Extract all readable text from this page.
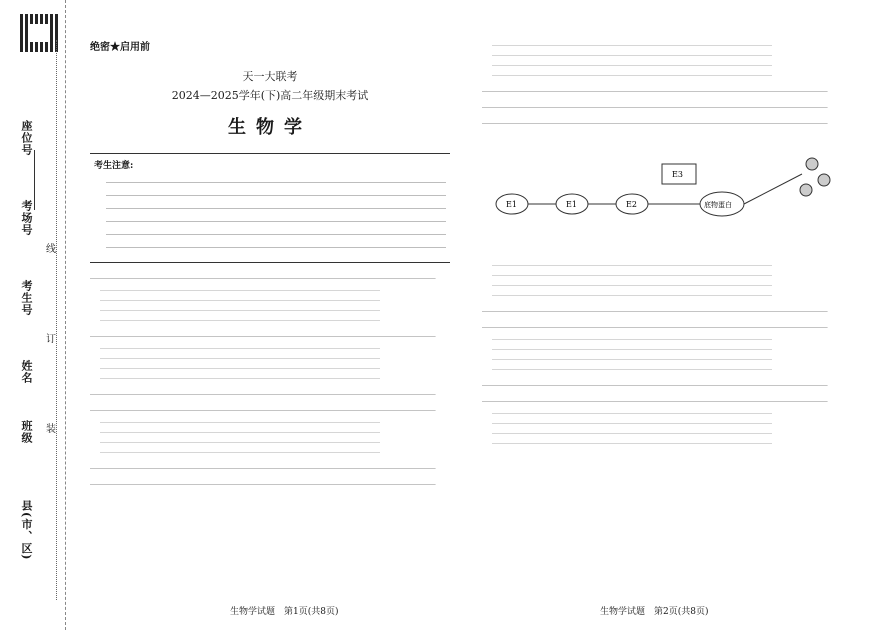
座位号
考场号
考生号
姓名
班级
县(市、区)
线
订
装

绝密★启用前

天一大联考

2024—2025学年(下)高二年级期末考试

生物学

考生注意:
E1	E1	E2
E3
底物蛋白
生物学试题　第1页(共8页)	生物学试题　第2页(共8页)
